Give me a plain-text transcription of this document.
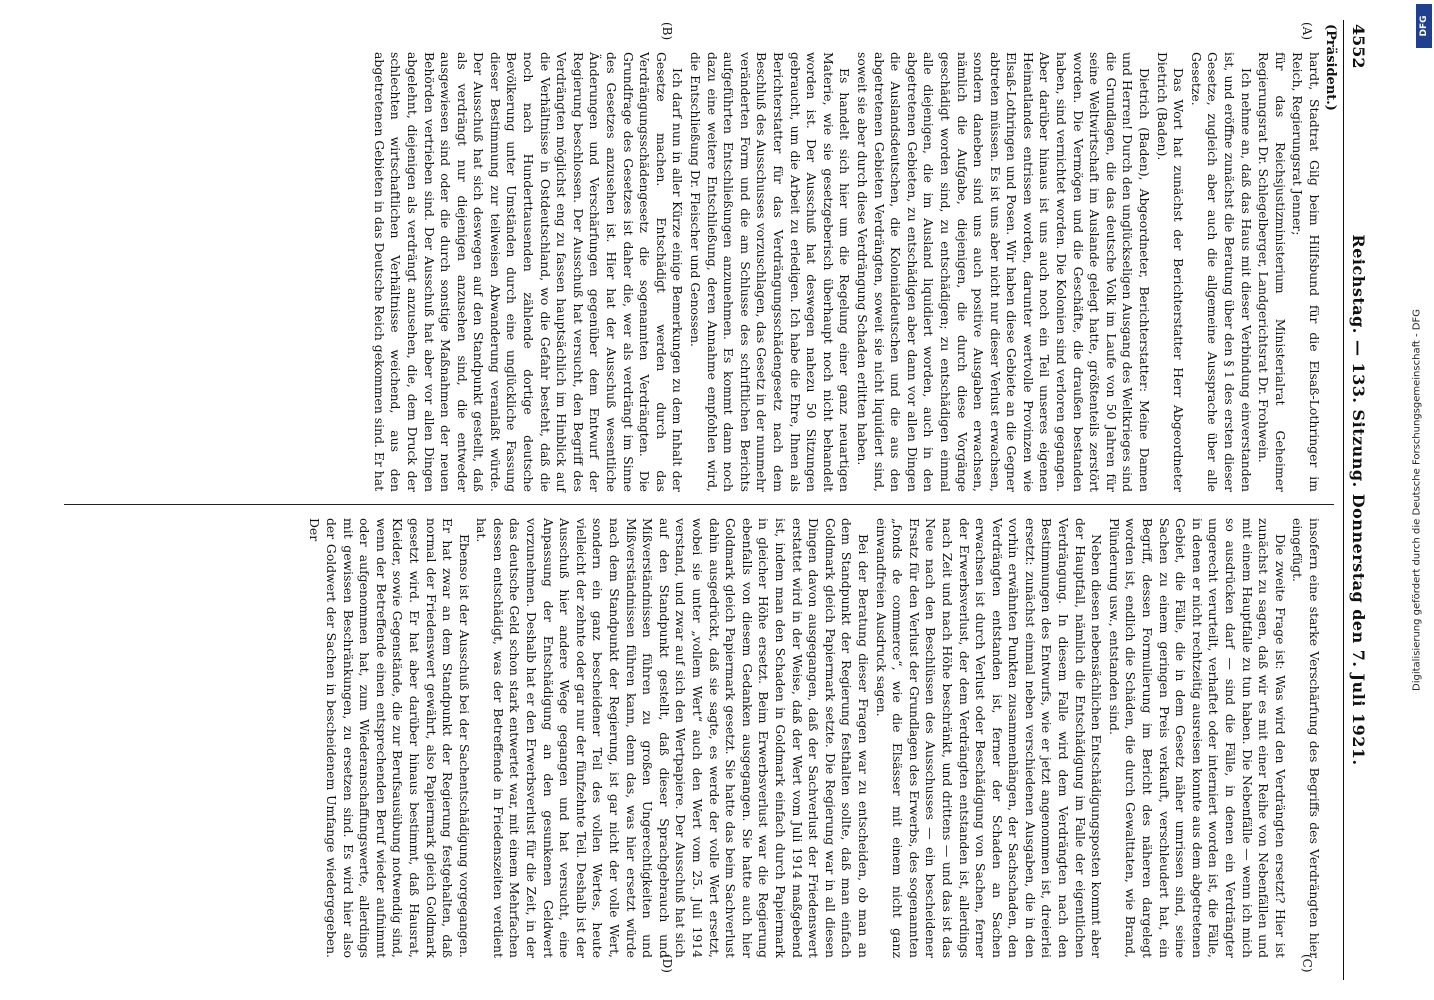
4552
Reichstag. — 133. Sitzung. Donnerstag den 7. Juli 1921.
(Präsident.)
(A)
(B)
(C)
(D)

hardt, Stadtrat Gilg beim Hilfsbund für die Elsaß-Lothringer im Reich, Regierungsrat Jenner;

für das Reichsjustizministerium Ministerialrat Geheimer Regierungsrat Dr. Schlegelberger, Landgerichtsrat Dr. Frohwein.

Ich nehme an, daß das Haus mit dieser Verbindung einverstanden ist, und eröffne zunächst die Beratung über den § 1 des ersten dieser Gesetze, zugleich aber auch die allgemeine Aussprache über alle Gesetze.

Das Wort hat zunächst der Berichterstatter Herr Abgeordneter Dietrich (Baden).

Dietrich (Baden), Abgeordneter, Berichterstatter: Meine Damen und Herren! Durch den unglückseligen Ausgang des Weltkrieges sind die Grundlagen, die das deutsche Volk im Laufe von 50 Jahren für seine Weltwirtschaft im Auslande gelegt hatte, größtenteils zerstört worden. Die Vermögen und die Geschäfte, die draußen bestanden haben, sind vernichtet worden. Die Kolonien sind verloren gegangen. Aber darüber hinaus ist uns auch noch ein Teil unseres eigenen Heimatlandes entrissen worden, darunter wertvolle Provinzen wie Elsaß-Lothringen und Posen. Wir haben diese Gebiete an die Gegner abtreten müssen. Es ist uns aber nicht nur dieser Verlust erwachsen, sondern daneben sind uns auch positive Ausgaben erwachsen, nämlich die Aufgabe, diejenigen, die durch diese Vorgänge geschädigt worden sind, zu entschädigen; zu entschädigen einmal alle diejenigen, die im Ausland liquidiert worden, auch in den abgetretenen Gebieten, zu entschädigen aber dann vor allen Dingen die Auslandsdeutschen, die Kolonialdeutschen und die aus den abgetretenen Gebieten Verdrängten, soweit sie nicht liquidiert sind, soweit sie aber durch diese Verdrängung Schaden erlitten haben.

Es handelt sich hier um die Regelung einer ganz neuartigen Materie, wie sie gesetzgeberisch überhaupt noch nicht behandelt worden ist. Der Ausschuß hat deswegen nahezu 50 Sitzungen gebraucht, um die Arbeit zu erledigen. Ich habe die Ehre, Ihnen als Berichterstatter für das Verdrängungsschädengesetz nach dem Beschluß des Ausschusses vorzuschlagen, das Gesetz in der nunmehr veränderten Form und die am Schlusse des schriftlichen Berichts aufgeführten Entschließungen anzunehmen. Es kommt dann noch dazu eine weitere Entschließung, deren Annahme empfohlen wird, die Entschließung Dr. Fleischer und Genossen.

Ich darf nun in aller Kürze einige Bemerkungen zu dem Inhalt der Gesetze machen. Entschädigt werden durch das Verdrängungsschädengesetz die sogenannten Verdrängten. Die Grundfrage des Gesetzes ist daher die, wer als verdrängt im Sinne des Gesetzes anzusehen ist. Hier hat der Ausschuß wesentliche Änderungen und Verschärfungen gegenüber dem Entwurf der Regierung beschlossen. Der Ausschuß hat versucht, den Begriff des Verdrängten möglichst eng zu fassen hauptsächlich im Hinblick auf die Verhältnisse in Ostdeutschland, wo die Gefahr besteht, daß die noch nach Hunderttausenden zählende dortige deutsche Bevölkerung unter Umständen durch eine unglückliche Fassung dieser Bestimmung zur teilweisen Abwanderung veranlaßt würde. Der Ausschuß hat sich deswegen auf den Standpunkt gestellt, daß als verdrängt nur diejenigen anzusehen sind, die entweder ausgewiesen sind oder die durch sonstige Maßnahmen der neuen Behörden vertrieben sind. Der Ausschuß hat aber vor allen Dingen abgelehnt, diejenigen als verdrängt anzusehen, die, dem Druck der schlechten wirtschaftlichen Verhältnisse weichend, aus den abgetretenen Gebieten in das Deutsche Reich gekommen sind. Er hat

insofern eine starke Verschärfung des Begriffs des Verdrängten hier eingefügt.

Die zweite Frage ist: Was wird den Verdrängten ersetzt? Hier ist zunächst zu sagen, daß wir es mit einer Reihe von Nebenfällen und mit einem Hauptfalle zu tun haben. Die Nebenfälle — wenn ich mich so ausdrücken darf — sind die Fälle, in denen ein Verdrängter ungerecht verurteilt, verhaftet oder interniert worden ist, die Fälle, in denen er nicht rechtzeitig ausreisen konnte aus dem abgetretenen Gebiet, die Fälle, die in dem Gesetz näher umrissen sind, seine Sachen zu einem geringen Preis verkauft, verschleudert hat, ein Begriff, dessen Formulierung im Bericht des näheren dargelegt worden ist, endlich die Schäden, die durch Gewalttaten, wie Brand, Plünderung usw., entstanden sind.

Neben diesen nebensächlichen Entschädigungsposten kommt aber der Hauptfall, nämlich die Entschädigung im Falle der eigentlichen Verdrängung. In diesem Falle wird dem Verdrängten nach den Bestimmungen des Entwurfs, wie er jetzt angenommen ist, dreierlei ersetzt: zunächst einmal neben verschiedenen Ausgaben, die in den vorhin erwähnten Punkten zusammenhängen, der Sachschaden, den Verdrängten entstanden ist, ferner der Schaden an Sachen erwachsen ist durch Verlust oder Beschädigung von Sachen, ferner der Erwerbsverlust, der dem Verdrängten entstanden ist, allerdings nach Zeit und nach Höhe beschränkt, und drittens — und das ist das Neue nach den Beschlüssen des Ausschusses — ein bescheidener Ersatz für den Verlust der Grundlagen des Erwerbs, des sogenannten „fonds de commerce“, wie die Elsässer mit einem nicht ganz einwandfreien Ausdruck sagen.

Bei der Beratung dieser Fragen war zu entscheiden, ob man an dem Standpunkt der Regierung festhalten sollte, daß man einfach Goldmark gleich Papiermark setzte. Die Regierung war in all diesen Dingen davon ausgegangen, daß der Sachverlust der Friedenswert erstattet wird in der Weise, daß der Wert vom Juli 1914 maßgebend ist, indem man den Schaden in Goldmark einfach durch Papiermark in gleicher Höhe ersetzt. Beim Erwerbsverlust war die Regierung ebenfalls von diesem Gedanken ausgegangen. Sie hatte auch hier Goldmark gleich Papiermark gesetzt. Sie hatte das beim Sachverlust dahin ausgedrückt, daß sie sagte, es werde der volle Wert ersetzt, wobei sie unter „vollem Wert“ auch den Wert vom 25. Juli 1914 verstand, und zwar auf sich den Wertpapiere. Der Ausschuß hat sich auf den Standpunkt gestellt, daß dieser Sprachgebrauch und Mißverständnissen führen zu großen Ungerechtigkeiten und Mißverständnissen führen kann, denn das, was hier ersetzt würde nach dem Standpunkt der Regierung, ist gar nicht der volle Wert, sondern ein ganz bescheidener Teil des vollen Wertes, heute vielleicht der zehnte oder gar nur der fünfzehnte Teil. Deshalb ist der Ausschuß hier andere Wege gegangen und hat versucht, eine Anpassung der Entschädigung an den gesunkenen Geldwert vorzunehmen. Deshalb hat er den Erwerbsverlust für die Zeit, in der das deutsche Geld schon stark entwertet war, mit einem Mehrfachen dessen entschädigt, was der Betreffende in Friedenszeiten verdient hat.

Ebenso ist der Ausschuß bei der Sachentschädigung vorgegangen. Er hat zwar an dem Standpunkt der Regierung festgehalten, daß normal der Friedenswert gewährt, also Papiermark gleich Goldmark gesetzt wird. Er hat aber darüber hinaus bestimmt, daß Hausrat, Kleider, sowie Gegenstände, die zur Berufsausübung notwendig sind, wenn der Betreffende einen entsprechenden Beruf wieder aufnimmt oder aufgenommen hat, zum Wiederanschaffungswerte, allerdings mit gewissen Beschränkungen, zu ersetzen sind. Es wird hier also der Goldwert der Sachen in bescheidenem Umfange wiedergegeben. Der	Digitalisierung gefördert durch die Deutsche Forschungsgemeinschaft - DFG
DFG
